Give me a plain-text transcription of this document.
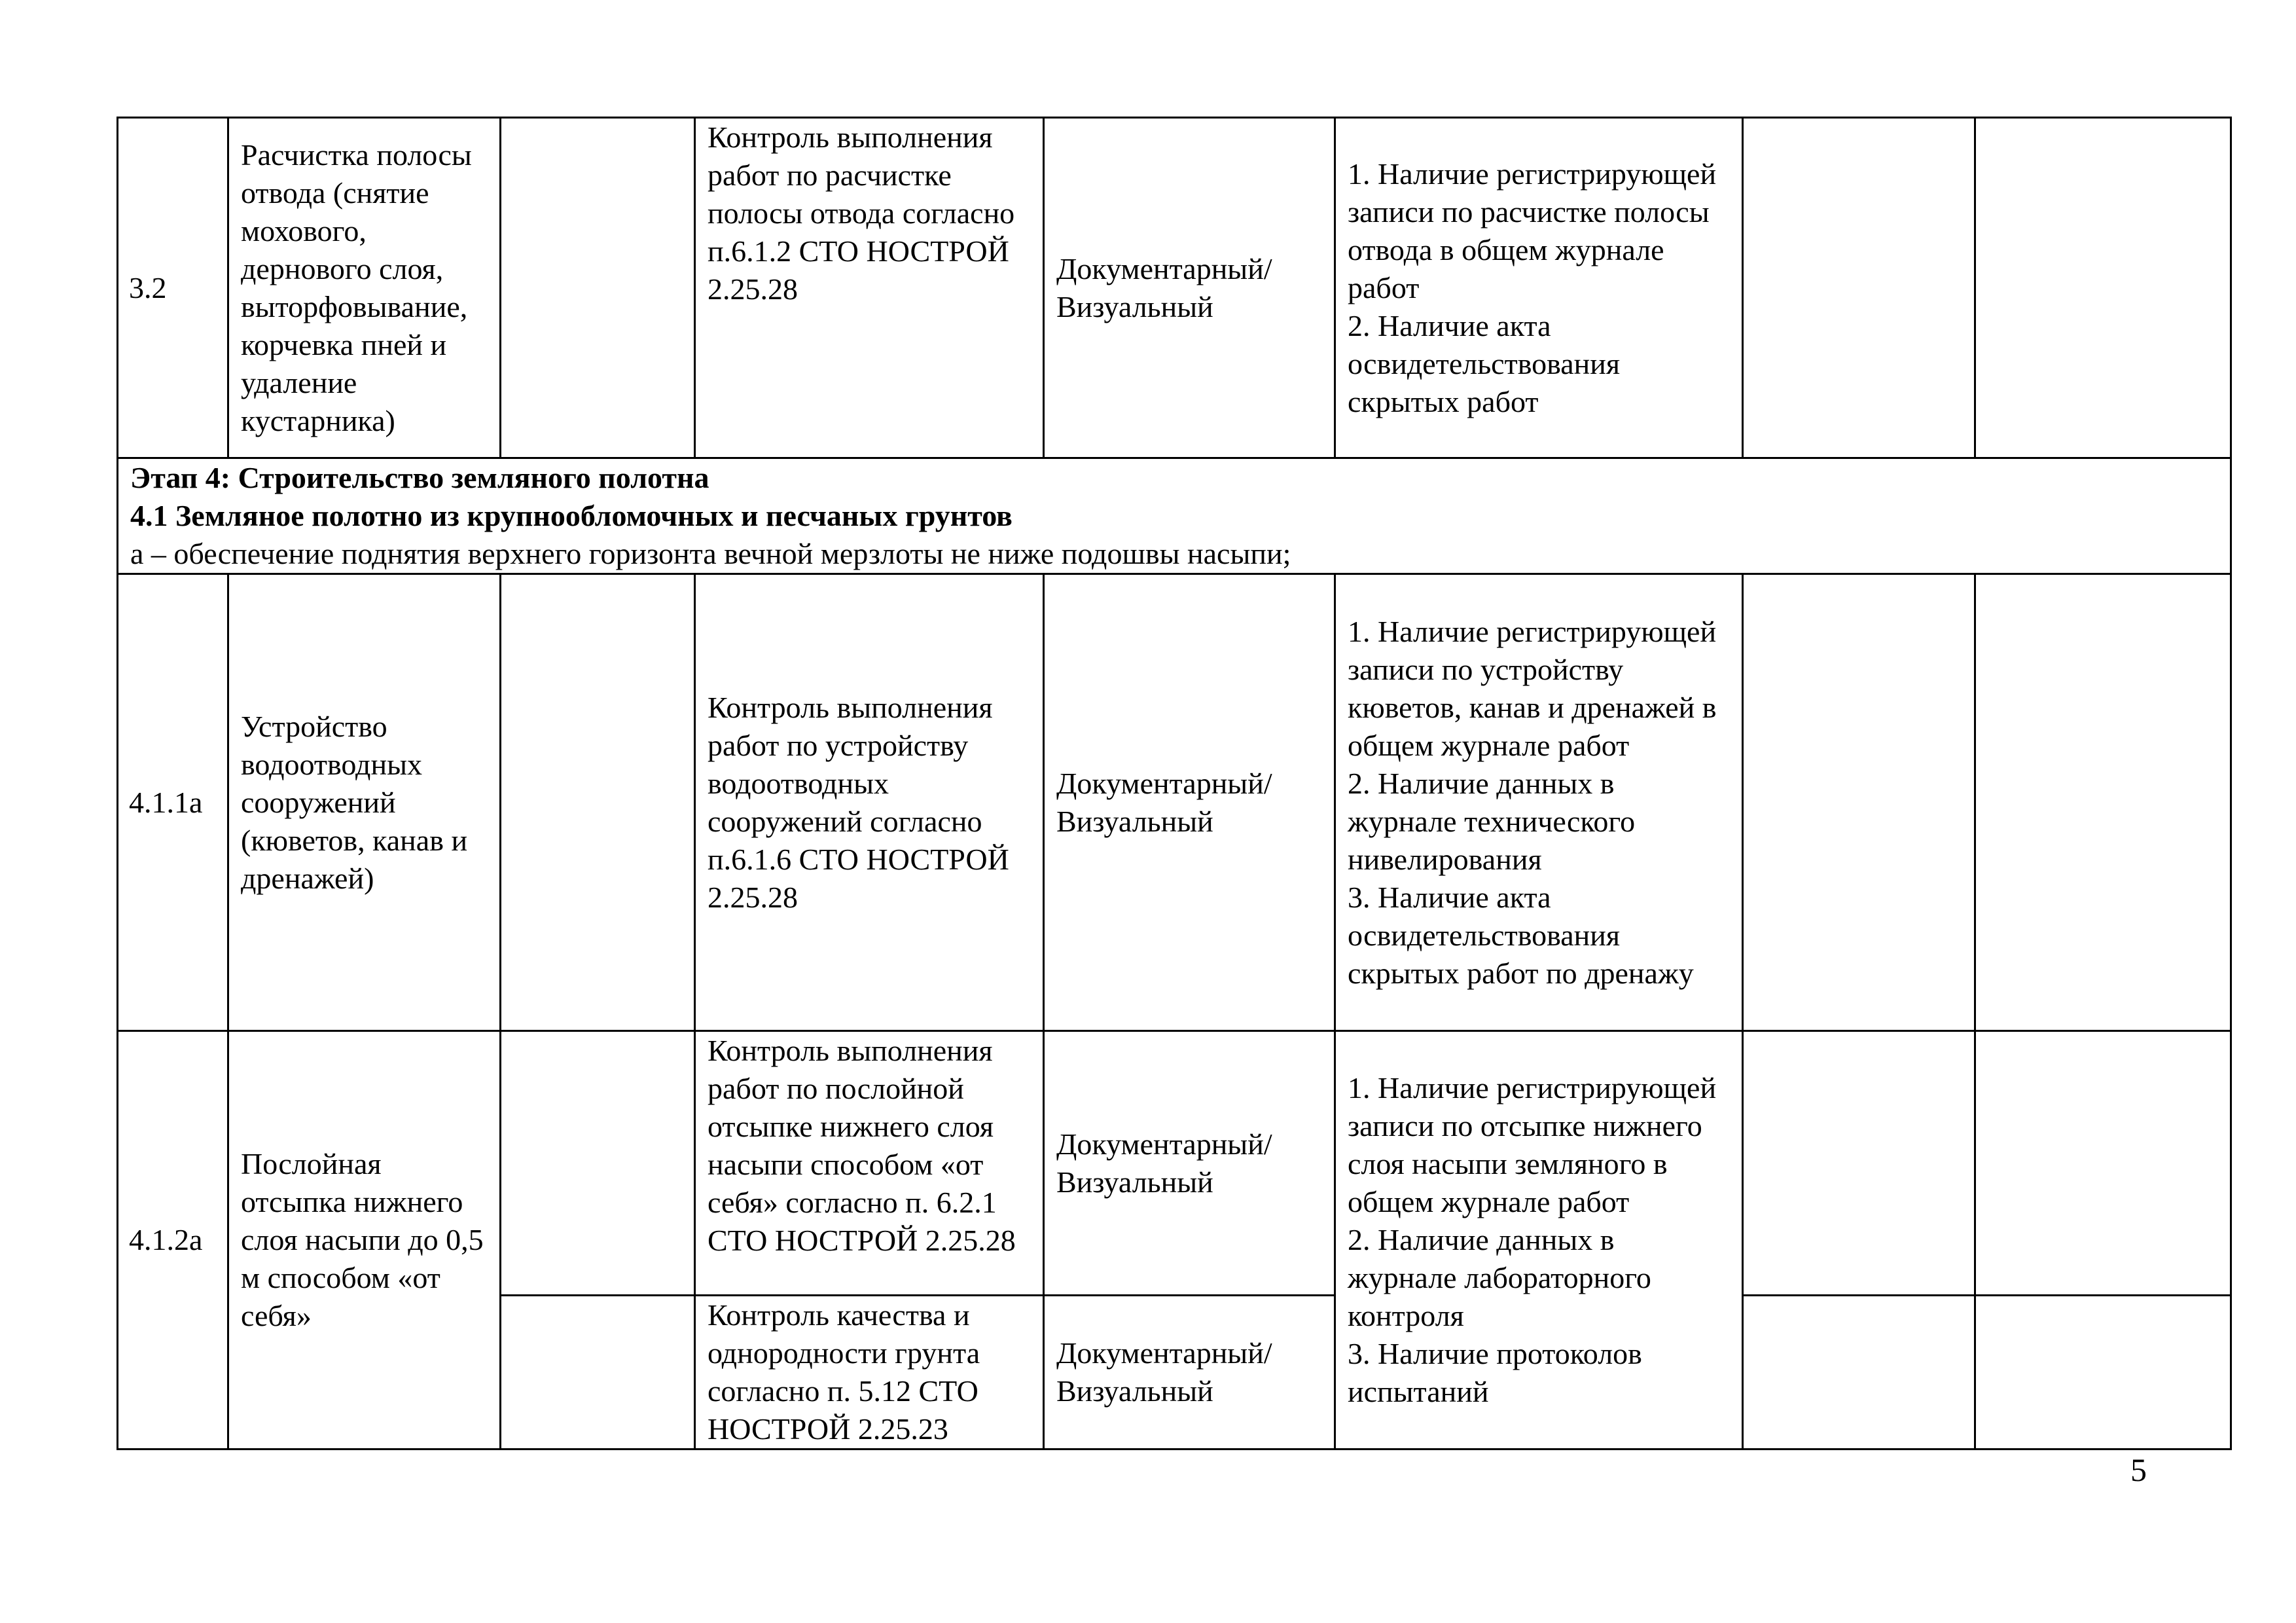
3.2	Расчистка полосы отвода (снятие мохового, дернового слоя, выторфовывание, корчевка пней и удаление кустарника)		Контроль выполнения работ по расчистке полосы отвода согласно п.6.1.2 СТО НОСТРОЙ 2.25.28	Документарный/ Визуальный	1. Наличие регистрирующей записи по расчистке полосы отвода в общем журнале работ
2. Наличие акта освидетельствования скрытых работ		

Этап 4: Строительство земляного полотна
4.1 Земляное полотно из крупнообломочных и песчаных грунтов
а – обеспечение поднятия верхнего горизонта вечной мерзлоты не ниже подошвы насыпи;							

4.1.1а	Устройство водоотводных сооружений (кюветов, канав и дренажей)		Контроль выполнения работ по устройству водоотводных сооружений согласно п.6.1.6 СТО НОСТРОЙ 2.25.28	Документарный/ Визуальный	1. Наличие регистрирующей записи по устройству кюветов, канав и дренажей в общем журнале работ
2. Наличие данных в журнале технического нивелирования
3. Наличие акта освидетельствования скрытых работ по дренажу		
4.1.2а	Послойная отсыпка нижнего слоя насыпи до 0,5 м способом «от себя»		Контроль выполнения работ по послойной отсыпке нижнего слоя насыпи способом «от себя» согласно п. 6.2.1 СТО НОСТРОЙ 2.25.28	Документарный/ Визуальный	1. Наличие регистрирующей записи по отсыпке нижнего слоя насыпи земляного в общем журнале работ
2. Наличие данных в журнале лабораторного контроля
3. Наличие протоколов испытаний		
			Контроль качества и однородности грунта согласно п. 5.12 СТО НОСТРОЙ 2.25.23	Документарный/ Визуальный			
5
